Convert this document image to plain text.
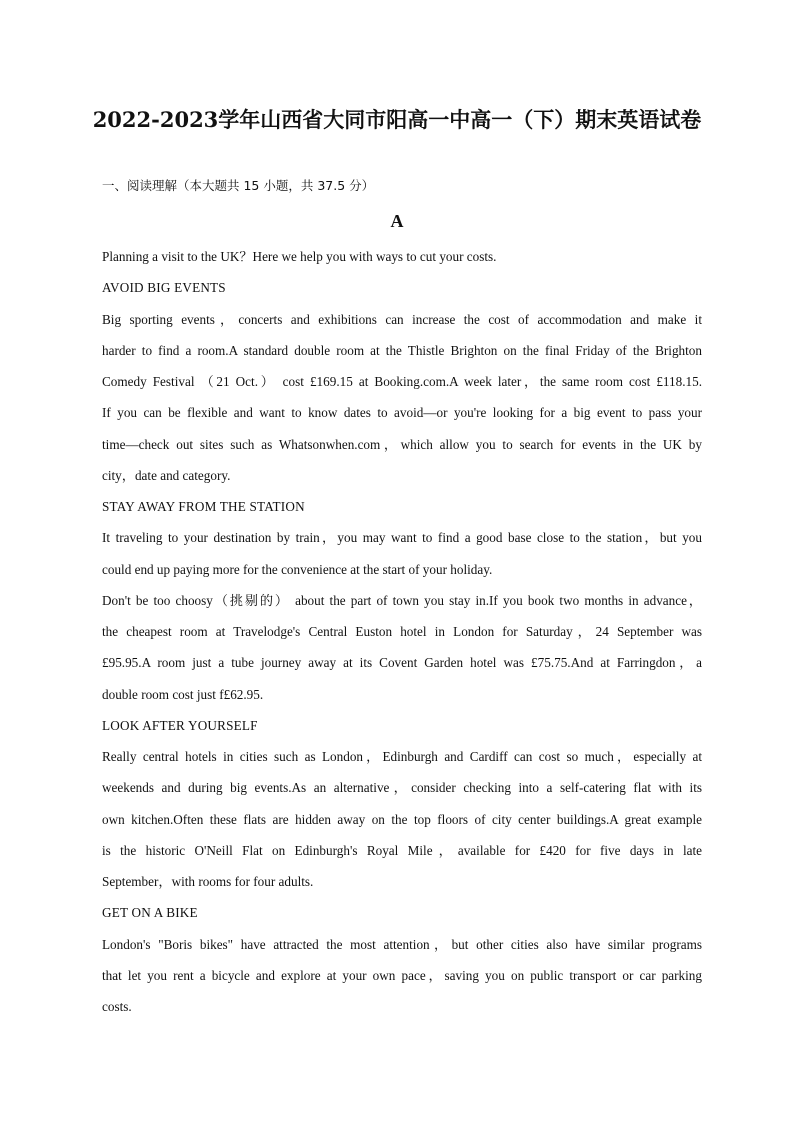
2022-2023学年山西省大同市阳高一中高一（下）期末英语试卷
一、阅读理解（本大题共 15 小题，共 37.5 分）
A
Planning a visit to the UK？Here we help you with ways to cut your costs.
AVOID BIG EVENTS
Big sporting events，concerts and exhibitions can increase the cost of accommodation and make it
harder to find a room.A standard double room at the Thistle Brighton on the final Friday of the Brighton
Comedy Festival （21 Oct.） cost £169.15 at Booking.com.A week later，the same room cost £118.15.
If you can be flexible and want to know dates to avoid—or you're looking for a big event to pass your
time—check out sites such as Whatsonwhen.com，which allow you to search for events in the UK by
city，date and category.
STAY AWAY FROM THE STATION
It traveling to your destination by train，you may want to find a good base close to the station，but you
could end up paying more for the convenience at the start of your holiday.
Don't be too choosy（挑剔的） about the part of town you stay in.If you book two months in advance，
the cheapest room at Travelodge's Central Euston hotel in London for Saturday，24 September was
£95.95.A room just a tube journey away at its Covent Garden hotel was £75.75.And at Farringdon，a
double room cost just f£62.95.
LOOK AFTER YOURSELF
Really central hotels in cities such as London，Edinburgh and Cardiff can cost so much，especially at
weekends and during big events.As an alternative，consider checking into a self-catering flat with its
own kitchen.Often these flats are hidden away on the top floors of city center buildings.A great example
is the historic O'Neill Flat on Edinburgh's Royal Mile，available for £420 for five days in late
September，with rooms for four adults.
GET ON A BIKE
London's "Boris bikes" have attracted the most attention，but other cities also have similar programs
that let you rent a bicycle and explore at your own pace，saving you on public transport or car parking
costs.
